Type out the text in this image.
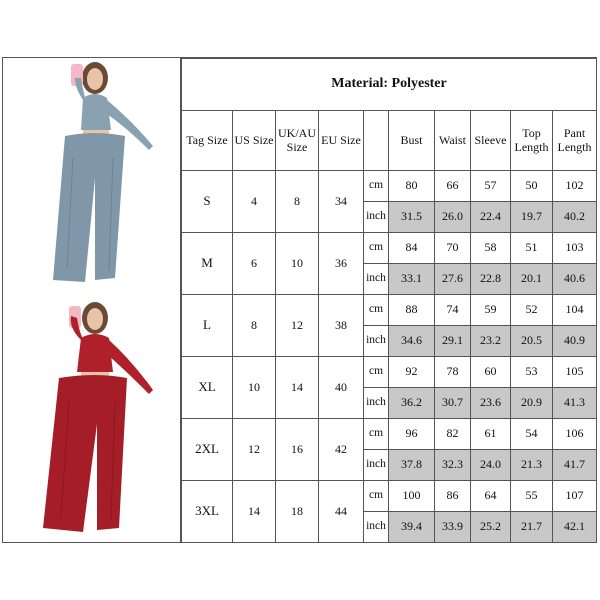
Material: Polyester									
Tag Size	US Size	UK/AU Size	EU Size		Bust	Waist	Sleeve	Top Length	Pant Length
S	4	8	34	cm	80	66	57	50	102
				inch	31.5	26.0	22.4	19.7	40.2
M	6	10	36	cm	84	70	58	51	103
				inch	33.1	27.6	22.8	20.1	40.6
L	8	12	38	cm	88	74	59	52	104
				inch	34.6	29.1	23.2	20.5	40.9
XL	10	14	40	cm	92	78	60	53	105
				inch	36.2	30.7	23.6	20.9	41.3
2XL	12	16	42	cm	96	82	61	54	106
				inch	37.8	32.3	24.0	21.3	41.7
3XL	14	18	44	cm	100	86	64	55	107
				inch	39.4	33.9	25.2	21.7	42.1
